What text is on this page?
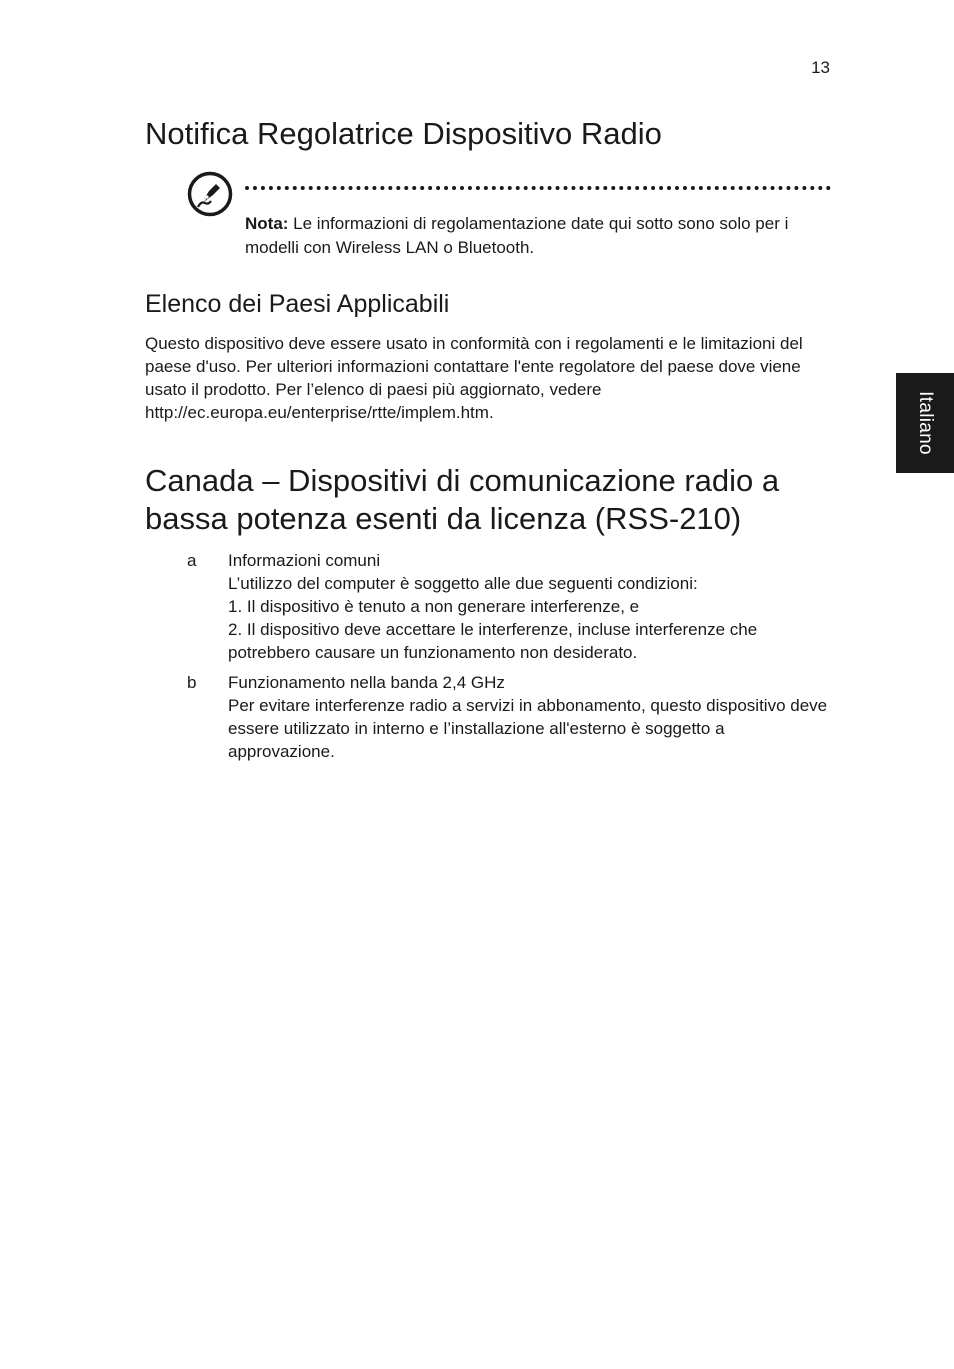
13
Italiano
Notifica Regolatrice Dispositivo Radio
Nota: Le informazioni di regolamentazione date qui sotto sono solo per i modelli con Wireless LAN o Bluetooth.
Elenco dei Paesi Applicabili

Questo dispositivo deve essere usato in conformità con i regolamenti e le limitazioni del paese d'uso. Per ulteriori informazioni contattare l'ente regolatore del paese dove viene usato il prodotto. Per l’elenco di paesi più aggiornato, vedere http://ec.europa.eu/enterprise/rtte/implem.htm.

Canada – Dispositivi di comunicazione radio a bassa potenza esenti da licenza (RSS-210)
a Informazioni comuni
L’utilizzo del computer è soggetto alle due seguenti condizioni:
1. Il dispositivo è tenuto a non generare interferenze, e
2. Il dispositivo deve accettare le interferenze, incluse interferenze che potrebbero causare un funzionamento non desiderato.
b Funzionamento nella banda 2,4 GHz
Per evitare interferenze radio a servizi in abbonamento, questo dispositivo deve essere utilizzato in interno e l’installazione all'esterno è soggetto a approvazione.
